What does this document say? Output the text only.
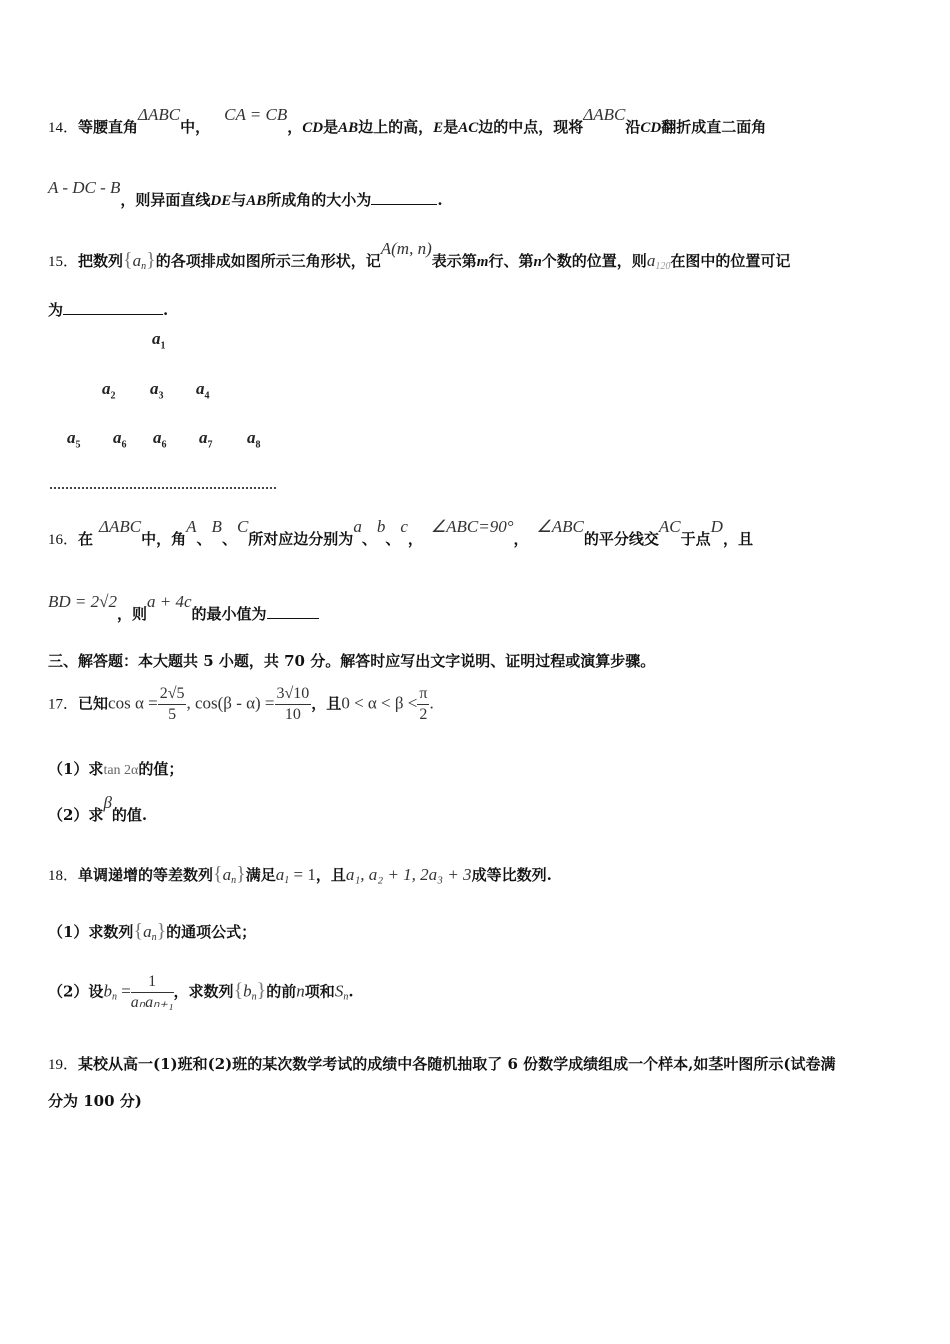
14．等腰直角ΔABC中，CA = CB，CD是AB边上的高，E是AC边的中点，现将ΔABC沿CD翻折成直二面角
A - DC - B，则异面直线DE与AB所成角的大小为	.
15．把数列$\{a_n\}$的各项排成如图所示三角形状，记A(m, n)表示第m行、第n个数的位置，则$a_{120}$在图中的位置可记
为	.
$a_1$
$a_2$ $a_3$ $a_4$
$a_5$ $a_6$ $a_6$ $a_7$ $a_8$
16．在ΔABC中，角A、B、C所对应边分别为a、b、c，∠ABC=90°，∠ABC的平分线交AC于点D，且
BD = 2√2，则a + 4c的最小值为
三、解答题：本大题共 5 小题，共 70 分。解答时应写出文字说明、证明过程或演算步骤。
17．已知$\cos \alpha = \frac{2√5}{5}$ , $\cos(\beta - \alpha) = \frac{3√10}{10}$ ，且$0 < \alpha < \beta < \frac{\pi}{2}$ .
（1）求tan 2α的值；
（2）求β的值.
18．单调递增的等差数列$\{a_n\}$满足$a_1 = 1$，且a₁, a₂ + 1, 2a₃ + 3成等比数列.
（1）求数列$\{a_n\}$的通项公式；
（2）设$b_n = \frac{1}{\text{aₙaₙ₊₁}}$ ，求数列$\{b_n\}$的前n项和$S_n$.
19．某校从高一(1)班和(2)班的某次数学考试的成绩中各随机抽取了 6 份数学成绩组成一个样本,如茎叶图所示(试卷满
分为 100 分)
